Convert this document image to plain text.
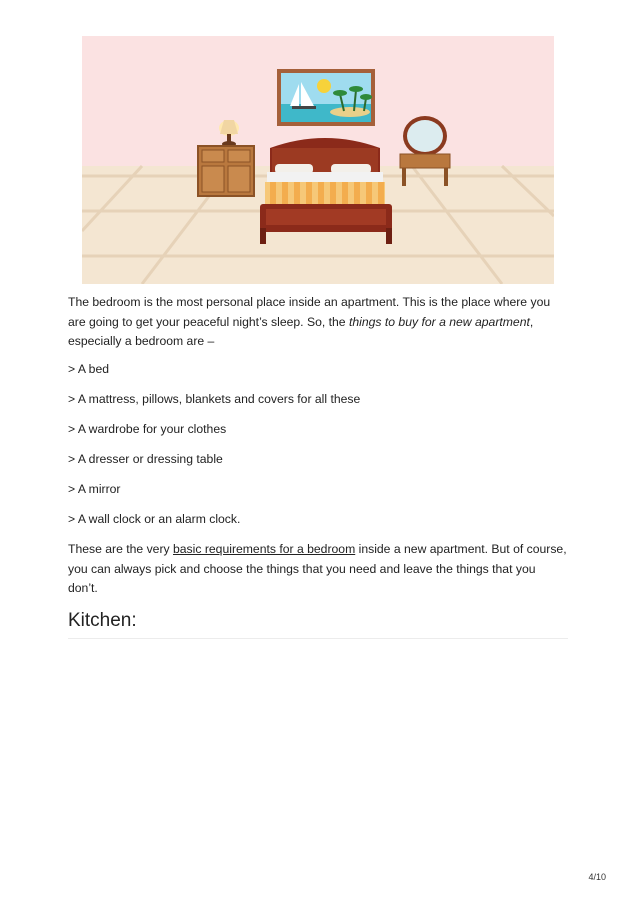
The bedroom is the most personal place inside an apartment. This is the place where you are going to get your peaceful night’s sleep. So, the things to buy for a new apartment, especially a bedroom are –
> A bed
> A mattress, pillows, blankets and covers for all these
> A wardrobe for your clothes
> A dresser or dressing table
> A mirror
> A wall clock or an alarm clock.
These are the very basic requirements for a bedroom inside a new apartment. But of course, you can always pick and choose the things that you need and leave the things that you don’t.
Kitchen:
4/10
